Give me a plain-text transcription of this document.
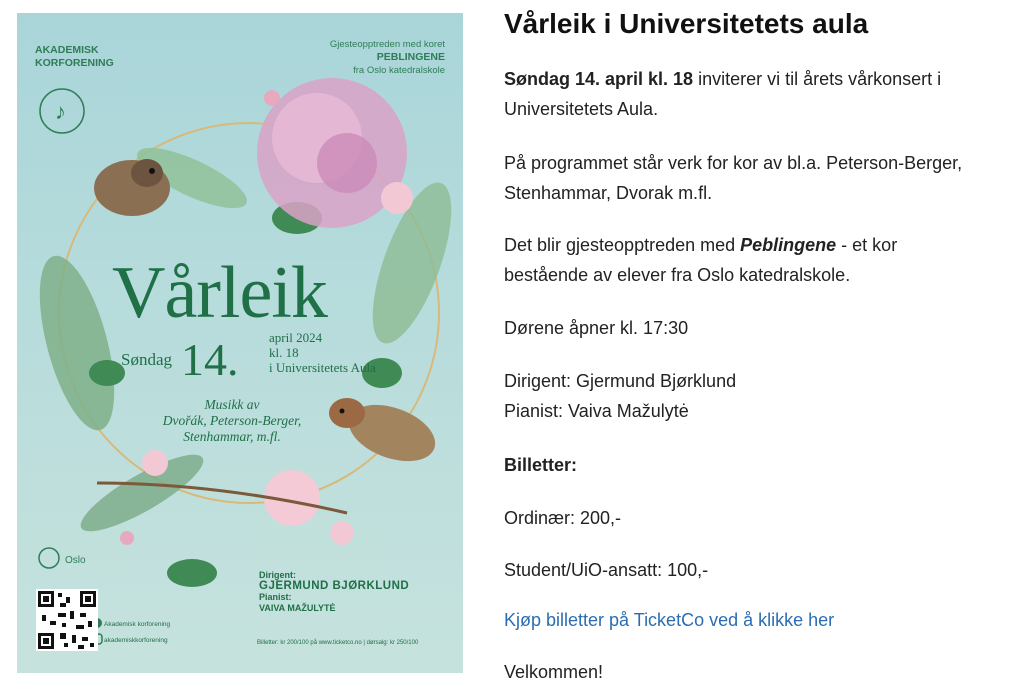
♪

AKADEMISK
KORFORENING

Gjesteopptreden med koret
PEBLINGENE
fra Oslo katedralskole

Vårleik

Søndag 14. april 2024
kl. 18
i Universitetets Aula

Musikk av
Dvořák, Peterson-Berger,
Stenhammar, m.fl.

Oslo

Dirigent:
GJERMUND BJØRKLUND
Pianist:
VAIVA MAŽULYTĖ

Akademisk korforening
akademiskkorforening	Billetter: kr 200/100 på www.ticketco.no | dørsalg: kr 250/100

Vårleik i Universitetets aula

Søndag 14. april kl. 18 inviterer vi til årets vårkonsert i
Universitetets Aula.

På programmet står verk for kor av bl.a. Peterson-Berger,
Stenhammar, Dvorak m.fl.

Det blir gjesteopptreden med Peblingene - et kor
bestående av elever fra Oslo katedralskole.

Dørene åpner kl. 17:30

Dirigent: Gjermund Bjørklund
Pianist: Vaiva Mažulytė

Billetter:

Ordinær: 200,-

Student/UiO-ansatt: 100,-

Kjøp billetter på TicketCo ved å klikke her

Velkommen!
